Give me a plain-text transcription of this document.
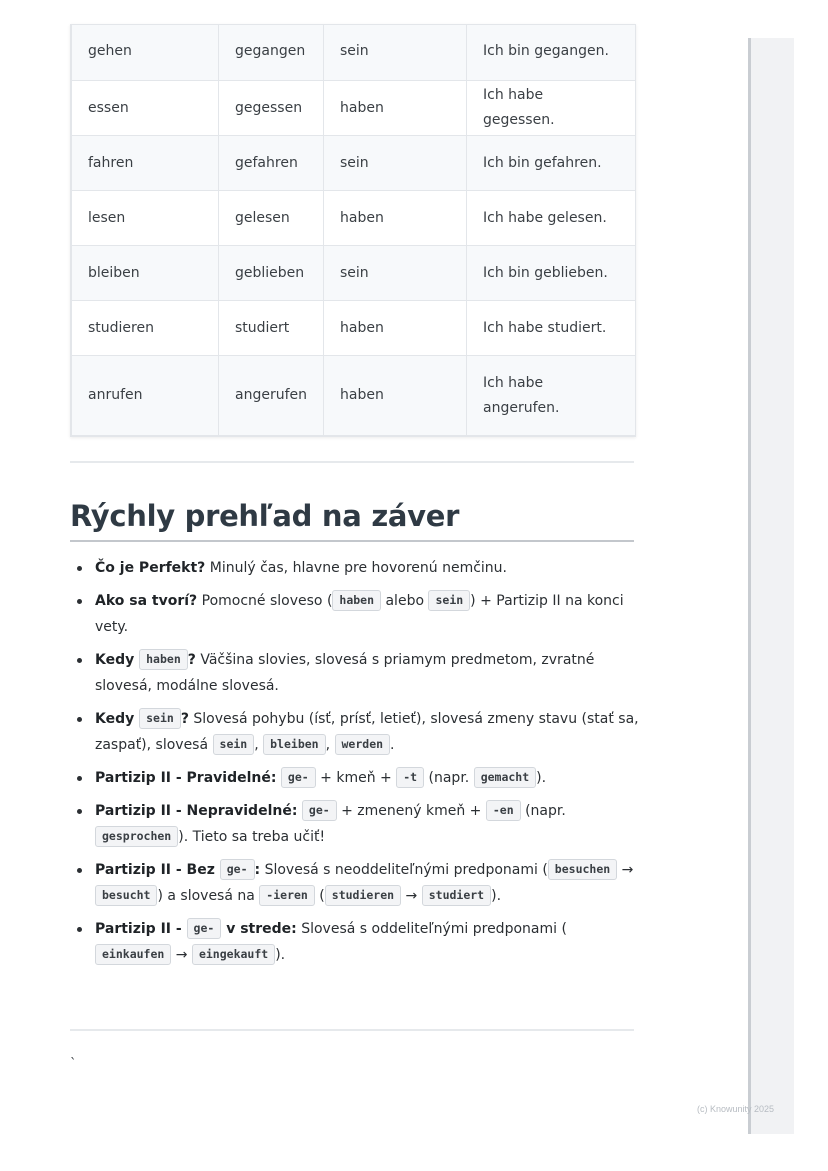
(c) Knowunity 2025
gehen	gegangen	sein	Ich bin gegangen.
essen	gegessen	haben	Ich habe gegessen.
fahren	gefahren	sein	Ich bin gefahren.
lesen	gelesen	haben	Ich habe gelesen.
bleiben	geblieben	sein	Ich bin geblieben.
studieren	studiert	haben	Ich habe studiert.
anrufen	angerufen	haben	Ich habe angerufen.
Rýchly prehľad na záver
Čo je Perfekt? Minulý čas, hlavne pre hovorenú nemčinu.
Ako sa tvorí? Pomocné sloveso ( haben alebo sein ) + Partizip II na konci vety.
Kedy haben ? Väčšina slovies, slovesá s priamym predmetom, zvratné slovesá, modálne slovesá.
Kedy sein ? Slovesá pohybu (ísť, prísť, letieť), slovesá zmeny stavu (stať sa, zaspať), slovesá sein , bleiben , werden .
Partizip II - Pravidelné: ge- + kmeň + -t (napr. gemacht ).
Partizip II - Nepravidelné: ge- + zmenený kmeň + -en (napr. gesprochen ). Tieto sa treba učiť!
Partizip II - Bez ge- : Slovesá s neoddeliteľnými predponami ( besuchen → besucht ) a slovesá na -ieren ( studieren → studiert ).
Partizip II - ge- v strede: Slovesá s oddeliteľnými predponami (einkaufen → eingekauft ).
`
